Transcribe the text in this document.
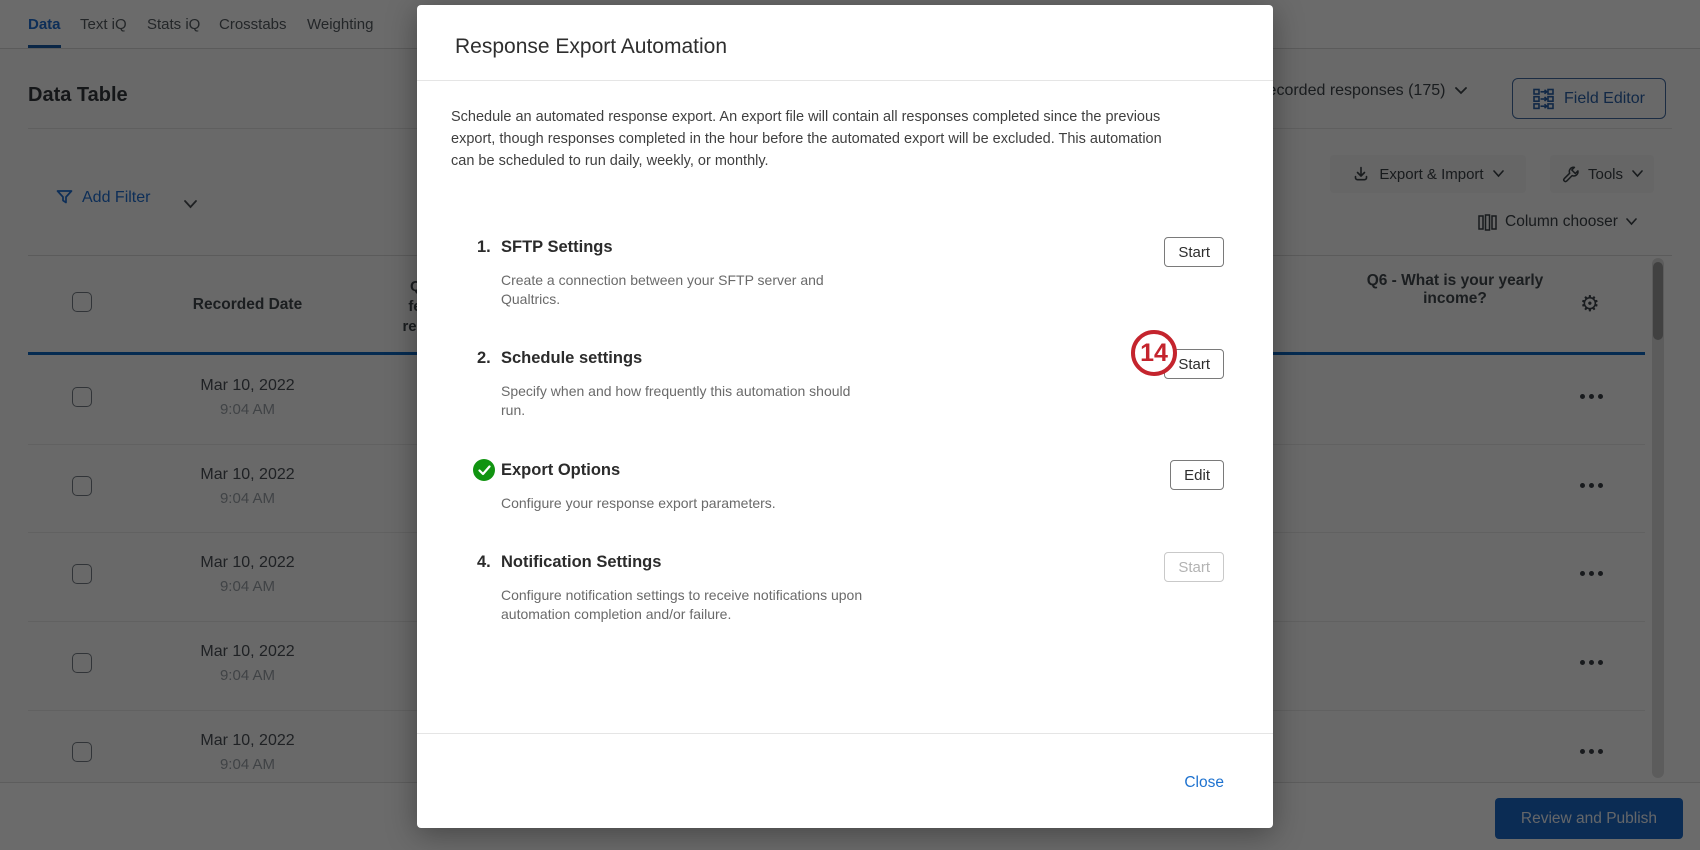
Response Export Automation
Schedule an automated response export. An export file will contain all responses completed since the previous
export, though responses completed in the hour before the automated export will be excluded. This automation
can be scheduled to run daily, weekly, or monthly.
1. SFTP Settings
Create a connection between your SFTP server and
Qualtrics.
Start
2. Schedule settings
Specify when and how frequently this automation should
run.
Start
14
Export Options
Configure your response export parameters.
Edit
4. Notification Settings
Configure notification settings to receive notifications upon
automation completion and/or failure.
Start
Close
